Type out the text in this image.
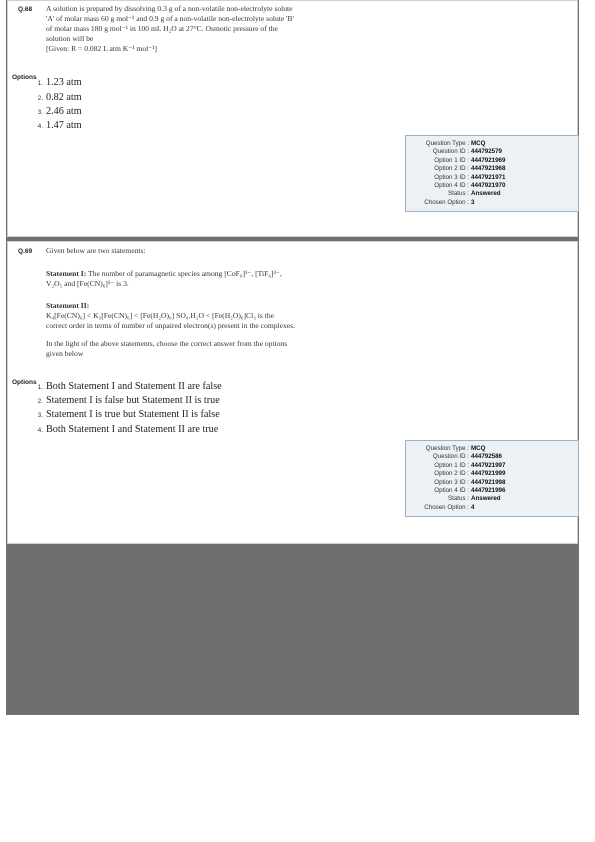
Q.68 A solution is prepared by dissolving 0.3 g of a non-volatile non-electrolyte solute

'A' of molar mass 60 g mol⁻¹ and 0.9 g of a non-volatile non-electrolyte solute 'B'

of molar mass 180 g mol⁻¹ in 100 mL H₂O at 27°C. Osmotic pressure of the

solution will be

[Given: R = 0.082 L atm K⁻¹ mol⁻¹]

Options
1. 1.23 atm
2. 0.82 atm
3. 2.46 atm
4. 1.47 atm
Question Type : MCQ
Question ID : 444792579
Option 1 ID : 4447921969
Option 2 ID : 4447921968
Option 3 ID : 4447921971
Option 4 ID : 4447921970
Status : Answered
Chosen Option : 3
Q.69 Given below are two statements:

Statement I: The number of paramagnetic species among [CoF₆]³⁻, [TiF₆]³⁻,

V₂O₅ and [Fe(CN)₆]³⁻ is 3.

Statement II:

K₄[Fe(CN)₆] < K₃[Fe(CN)₆] < [Fe(H₂O)₆] SO₄.H₂O < [Fe(H₂O)₆]Cl₃ is the

correct order in terms of number of unpaired electron(s) present in the complexes.

In the light of the above statements, choose the correct answer from the options

given below

Options
1. Both Statement I and Statement II are false
2. Statement I is false but Statement II is true
3. Statement I is true but Statement II is false
4. Both Statement I and Statement II are true
Question Type : MCQ
Question ID : 444792586
Option 1 ID : 4447921997
Option 2 ID : 4447921999
Option 3 ID : 4447921998
Option 4 ID : 4447921996
Status : Answered
Chosen Option : 4
